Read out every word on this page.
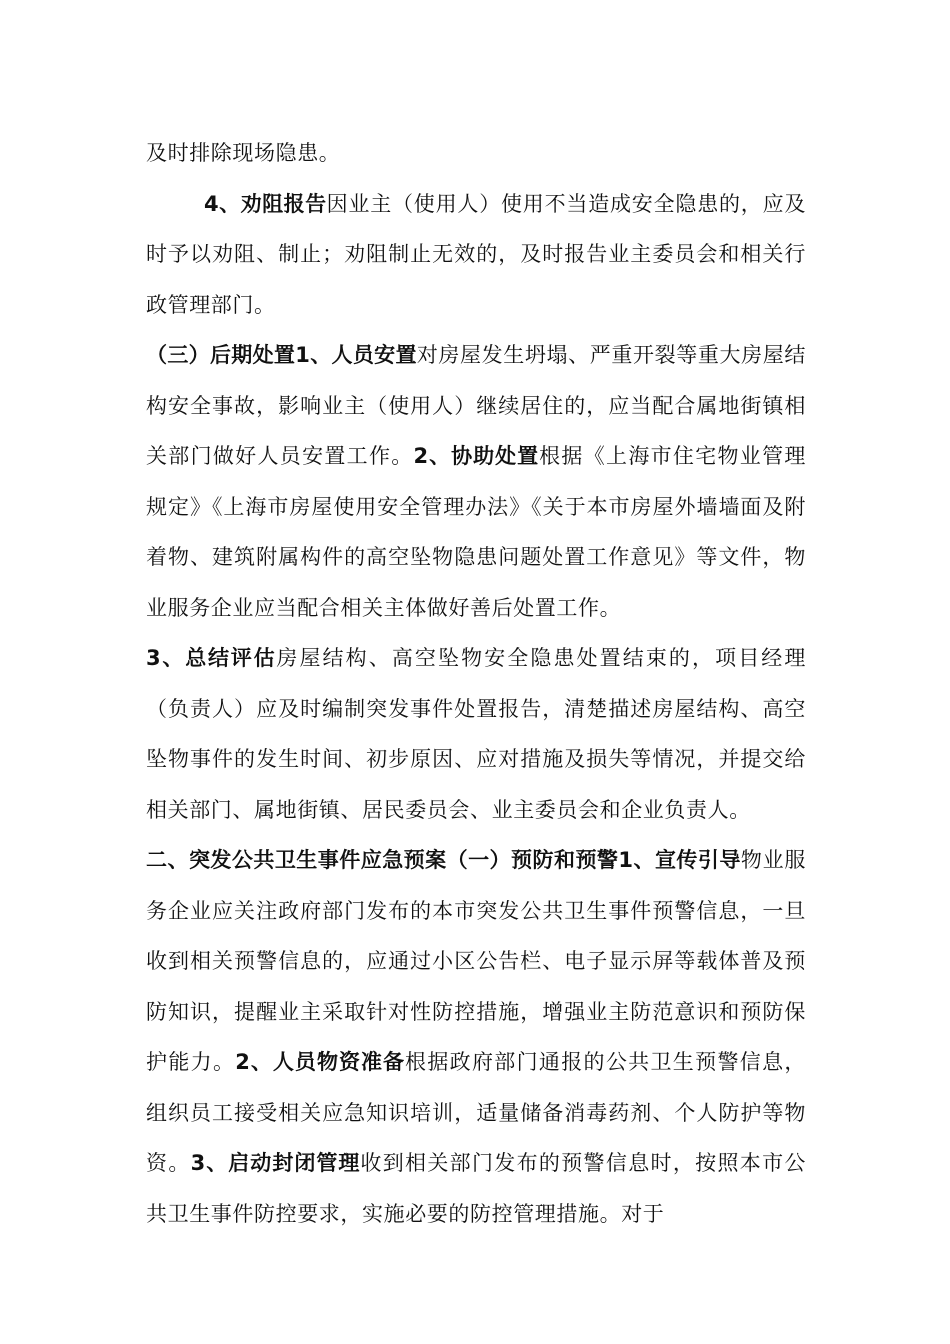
及时排除现场隐患。

4、劝阻报告因业主（使用人）使用不当造成安全隐患的，应及时予以劝阻、制止；劝阻制止无效的，及时报告业主委员会和相关行政管理部门。

（三）后期处置1、人员安置对房屋发生坍塌、严重开裂等重大房屋结构安全事故，影响业主（使用人）继续居住的，应当配合属地街镇相关部门做好人员安置工作。2、协助处置根据《上海市住宅物业管理规定》《上海市房屋使用安全管理办法》《关于本市房屋外墙墙面及附着物、建筑附属构件的高空坠物隐患问题处置工作意见》等文件，物业服务企业应当配合相关主体做好善后处置工作。

3、总结评估房屋结构、高空坠物安全隐患处置结束的，项目经理（负责人）应及时编制突发事件处置报告，清楚描述房屋结构、高空坠物事件的发生时间、初步原因、应对措施及损失等情况，并提交给相关部门、属地街镇、居民委员会、业主委员会和企业负责人。

二、突发公共卫生事件应急预案（一）预防和预警1、宣传引导物业服务企业应关注政府部门发布的本市突发公共卫生事件预警信息，一旦收到相关预警信息的，应通过小区公告栏、电子显示屏等载体普及预防知识，提醒业主采取针对性防控措施，增强业主防范意识和预防保护能力。2、人员物资准备根据政府部门通报的公共卫生预警信息，组织员工接受相关应急知识培训，适量储备消毒药剂、个人防护等物资。3、启动封闭管理收到相关部门发布的预警信息时，按照本市公共卫生事件防控要求，实施必要的防控管理措施。对于
